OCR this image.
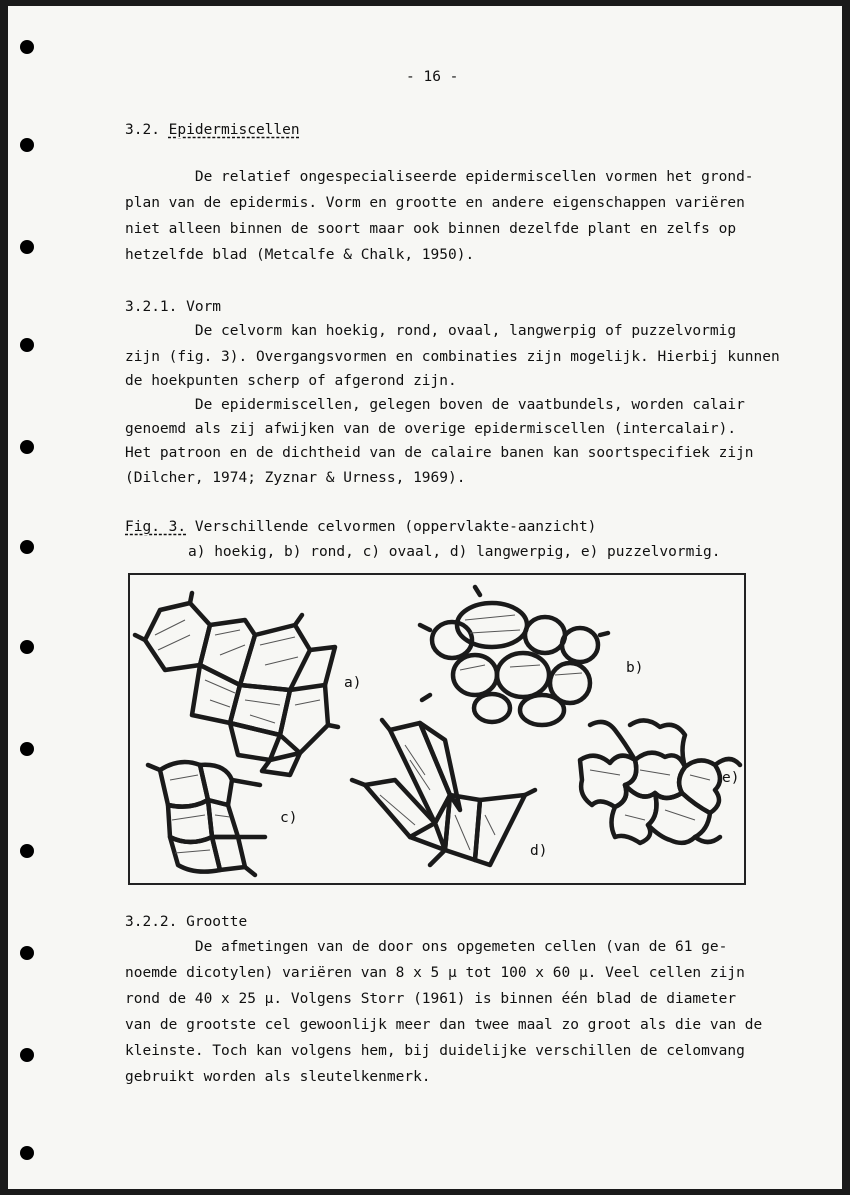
- 16 -
3.2. Epidermiscellen
De relatief ongespecialiseerde epidermiscellen vormen het grond-
plan van de epidermis. Vorm en grootte en andere eigenschappen variëren
niet alleen binnen de soort maar ook binnen dezelfde plant en zelfs op
hetzelfde blad (Metcalfe & Chalk, 1950).
3.2.1. Vorm
De celvorm kan hoekig, rond, ovaal, langwerpig of puzzelvormig
zijn (fig. 3). Overgangsvormen en combinaties zijn mogelijk. Hierbij kunnen
de hoekpunten scherp of afgerond zijn.
De epidermiscellen, gelegen boven de vaatbundels, worden calair
genoemd als zij afwijken van de overige epidermiscellen (intercalair).
Het patroon en de dichtheid van de calaire banen kan soortspecifiek zijn
(Dilcher, 1974; Zyznar & Urness, 1969).
Fig. 3. Verschillende celvormen (oppervlakte-aanzicht)
a) hoekig, b) rond, c) ovaal, d) langwerpig, e) puzzelvormig.
a)
b)
c)
d)
e)
3.2.2. Grootte
De afmetingen van de door ons opgemeten cellen (van de 61 ge-
noemde dicotylen) variëren van 8 x 5 µ tot 100 x 60 µ. Veel cellen zijn
rond de 40 x 25 µ. Volgens Storr (1961) is binnen één blad de diameter
van de grootste cel gewoonlijk meer dan twee maal zo groot als die van de
kleinste. Toch kan volgens hem, bij duidelijke verschillen de celomvang
gebruikt worden als sleutelkenmerk.
